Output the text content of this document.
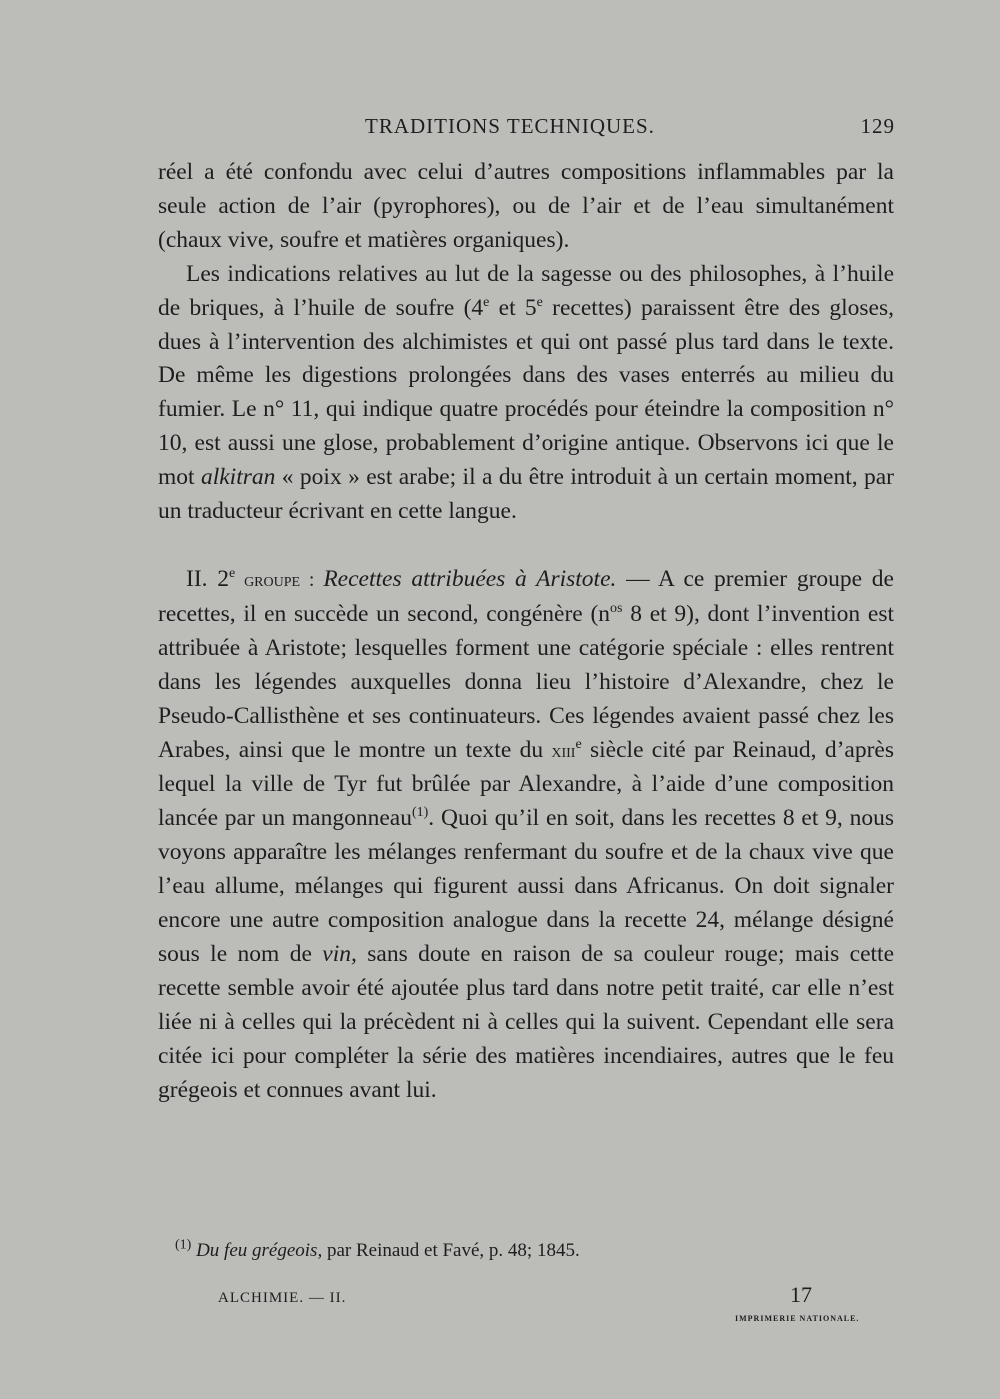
TRADITIONS TECHNIQUES.	129

réel a été confondu avec celui d’autres compositions inflammables par la seule action de l’air (pyrophores), ou de l’air et de l’eau simultanément (chaux vive, soufre et matières organiques).

Les indications relatives au lut de la sagesse ou des philosophes, à l’huile de briques, à l’huile de soufre (4e et 5e recettes) paraissent être des gloses, dues à l’intervention des alchimistes et qui ont passé plus tard dans le texte. De même les digestions prolongées dans des vases enterrés au milieu du fumier. Le n° 11, qui indique quatre procédés pour éteindre la composition n° 10, est aussi une glose, probablement d’origine antique. Observons ici que le mot alkitran « poix » est arabe; il a du être introduit à un certain moment, par un traducteur écrivant en cette langue.

II. 2e groupe : Recettes attribuées à Aristote. — A ce premier groupe de recettes, il en succède un second, congénère ($n^{os}$ 8 et 9), dont l’invention est attribuée à Aristote; lesquelles forment une catégorie spéciale : elles rentrent dans les légendes auxquelles donna lieu l’histoire d’Alexandre, chez le Pseudo-Callisthène et ses continuateurs. Ces légendes avaient passé chez les Arabes, ainsi que le montre un texte du xiii$^e$ siècle cité par Reinaud, d’après lequel la ville de Tyr fut brûlée par Alexandre, à l’aide d’une composition lancée par un mangonneau$^{(1)}$. Quoi qu’il en soit, dans les recettes 8 et 9, nous voyons apparaître les mélanges renfermant du soufre et de la chaux vive que l’eau allume, mélanges qui figurent aussi dans Africanus. On doit signaler encore une autre composition analogue dans la recette 24, mélange désigné sous le nom de vin, sans doute en raison de sa couleur rouge; mais cette recette semble avoir été ajoutée plus tard dans notre petit traité, car elle n’est liée ni à celles qui la précèdent ni à celles qui la suivent. Cependant elle sera citée ici pour compléter la série des matières incendiaires, autres que le feu grégeois et connues avant lui.

$^{(1)}$ Du feu grégeois, par Reinaud et Favé, p. 48; 1845.
ALCHIMIE. — II.	17
IMPRIMERIE NATIONALE.
